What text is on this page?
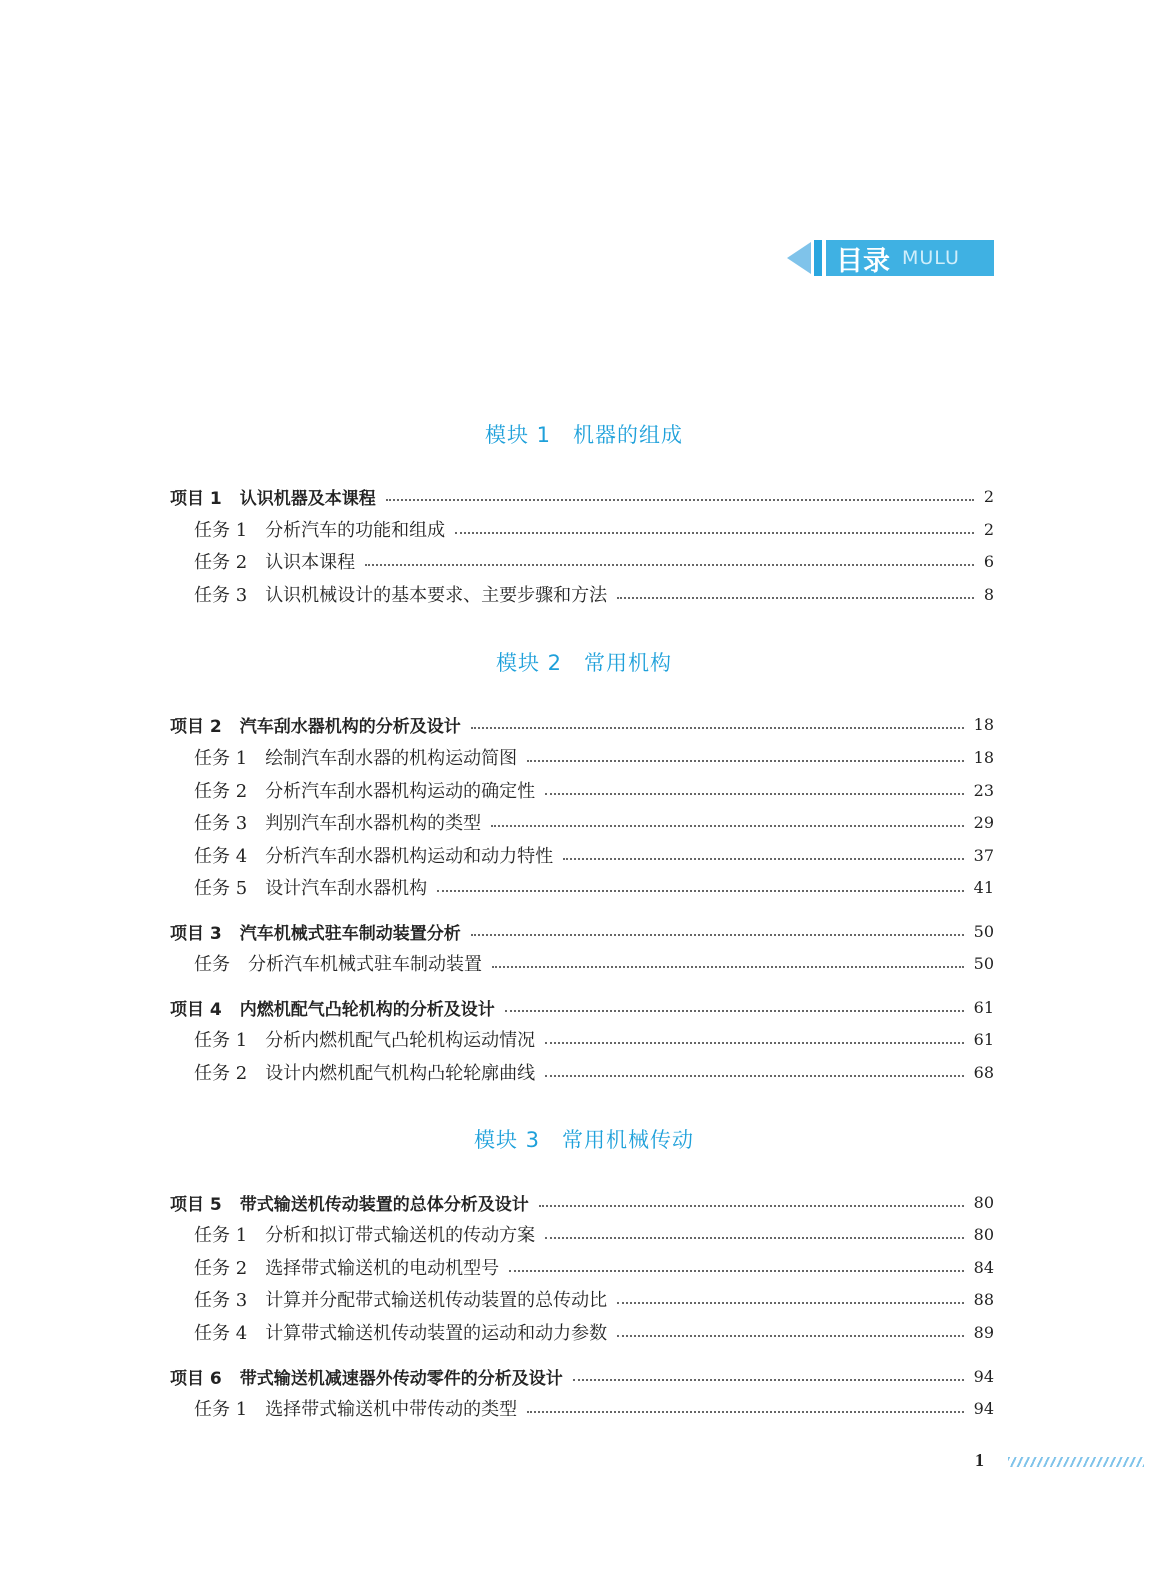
目录 MULU
模块 1　机器的组成
项目 1 认识机器及本课程	2
任务 1 分析汽车的功能和组成	2
任务 2 认识本课程	6
任务 3 认识机械设计的基本要求、主要步骤和方法	8
模块 2　常用机构
项目 2 汽车刮水器机构的分析及设计	18
任务 1 绘制汽车刮水器的机构运动简图	18
任务 2 分析汽车刮水器机构运动的确定性	23
任务 3 判别汽车刮水器机构的类型	29
任务 4 分析汽车刮水器机构运动和动力特性	37
任务 5 设计汽车刮水器机构	41
项目 3 汽车机械式驻车制动装置分析	50
任务 分析汽车机械式驻车制动装置	50
项目 4 内燃机配气凸轮机构的分析及设计	61
任务 1 分析内燃机配气凸轮机构运动情况	61
任务 2 设计内燃机配气机构凸轮轮廓曲线	68
模块 3　常用机械传动
项目 5 带式输送机传动装置的总体分析及设计	80
任务 1 分析和拟订带式输送机的传动方案	80
任务 2 选择带式输送机的电动机型号	84
任务 3 计算并分配带式输送机传动装置的总传动比	88
任务 4 计算带式输送机传动装置的运动和动力参数	89
项目 6 带式输送机减速器外传动零件的分析及设计	94
任务 1 选择带式输送机中带传动的类型	94
1
